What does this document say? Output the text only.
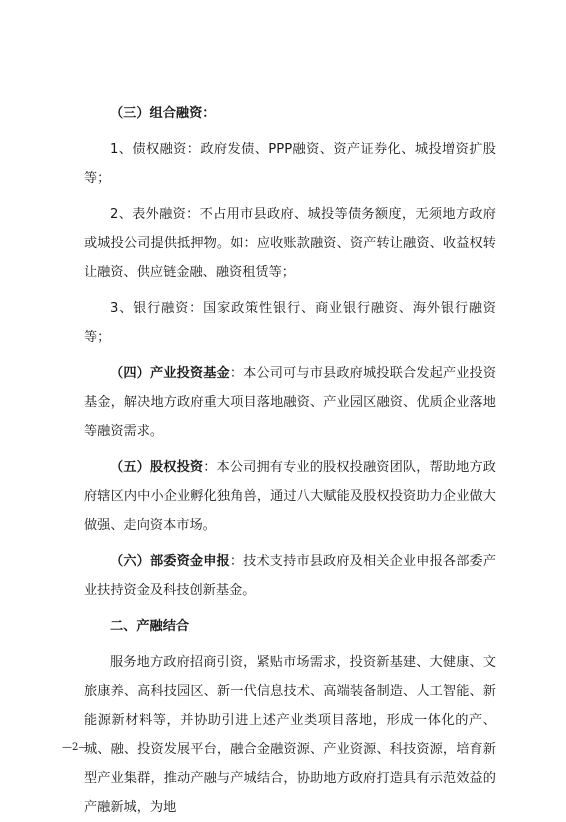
（三）组合融资：

1、债权融资：政府发债、PPP融资、资产证券化、城投增资扩股等；

2、表外融资：不占用市县政府、城投等债务额度，无须地方政府或城投公司提供抵押物。如：应收账款融资、资产转让融资、收益权转让融资、供应链金融、融资租赁等；

3、银行融资：国家政策性银行、商业银行融资、海外银行融资等；

（四）产业投资基金：本公司可与市县政府城投联合发起产业投资基金，解决地方政府重大项目落地融资、产业园区融资、优质企业落地等融资需求。

（五）股权投资：本公司拥有专业的股权投融资团队，帮助地方政府辖区内中小企业孵化独角兽，通过八大赋能及股权投资助力企业做大做强、走向资本市场。

（六）部委资金申报：技术支持市县政府及相关企业申报各部委产业扶持资金及科技创新基金。

二、产融结合

服务地方政府招商引资，紧贴市场需求，投资新基建、大健康、文旅康养、高科技园区、新一代信息技术、高端装备制造、人工智能、新能源新材料等，并协助引进上述产业类项目落地，形成一体化的产、城、融、投资发展平台，融合金融资源、产业资源、科技资源，培育新型产业集群，推动产融与产城结合，协助地方政府打造具有示范效益的产融新城，为地

—2—
